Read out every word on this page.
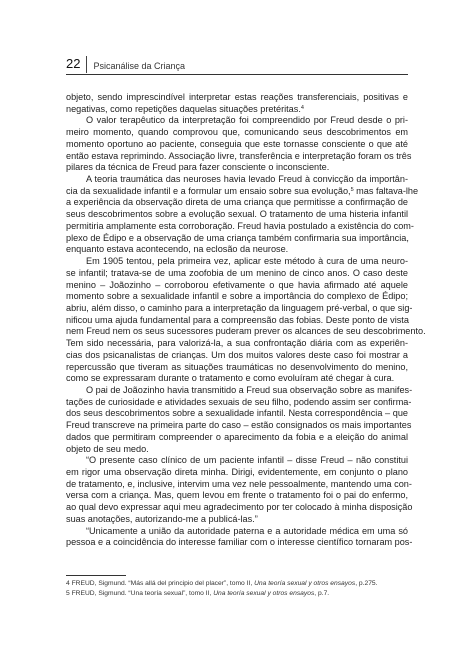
22	Psicanálise da Criança
objeto, sendo imprescindível interpretar estas reações transferenciais, positivas e
negativas, como repetições daquelas situações pretéritas.$^4$
O valor terapêutico da interpretação foi compreendido por Freud desde o pri-
meiro momento, quando comprovou que, comunicando seus descobrimentos em
momento oportuno ao paciente, conseguia que este tornasse consciente o que até
então estava reprimindo. Associação livre, transferência e interpretação foram os três
pilares da técnica de Freud para fazer consciente o inconsciente.
A teoria traumática das neuroses havia levado Freud à convicção da importân-
cia da sexualidade infantil e a formular um ensaio sobre sua evolução,$^5$ mas faltava-lhe
a experiência da observação direta de uma criança que permitisse a confirmação de
seus descobrimentos sobre a evolução sexual. O tratamento de uma histeria infantil
permitiria amplamente esta corroboração. Freud havia postulado a existência do com-
plexo de Édipo e a observação de uma criança também confirmaria sua importância,
enquanto estava acontecendo, na eclosão da neurose.
Em 1905 tentou, pela primeira vez, aplicar este método à cura de uma neuro-
se infantil; tratava-se de uma zoofobia de um menino de cinco anos. O caso deste
menino – Joãozinho – corroborou efetivamente o que havia afirmado até aquele
momento sobre a sexualidade infantil e sobre a importância do complexo de Édipo;
abriu, além disso, o caminho para a interpretação da linguagem pré-verbal, o que sig-
nificou uma ajuda fundamental para a compreensão das fobias. Deste ponto de vista
nem Freud nem os seus sucessores puderam prever os alcances de seu descobrimento.
Tem sido necessária, para valorizá-la, a sua confrontação diária com as experiên-
cias dos psicanalistas de crianças. Um dos muitos valores deste caso foi mostrar a
repercussão que tiveram as situações traumáticas no desenvolvimento do menino,
como se expressaram durante o tratamento e como evoluíram até chegar à cura.
O pai de Joãozinho havia transmitido a Freud sua observação sobre as manifes-
tações de curiosidade e atividades sexuais de seu filho, podendo assim ser confirma-
dos seus descobrimentos sobre a sexualidade infantil. Nesta correspondência – que
Freud transcreve na primeira parte do caso – estão consignados os mais importantes
dados que permitiram compreender o aparecimento da fobia e a eleição do animal
objeto de seu medo.
“O presente caso clínico de um paciente infantil – disse Freud – não constitui
em rigor uma observação direta minha. Dirigi, evidentemente, em conjunto o plano
de tratamento, e, inclusive, intervim uma vez nele pessoalmente, mantendo uma con-
versa com a criança. Mas, quem levou em frente o tratamento foi o pai do enfermo,
ao qual devo expressar aqui meu agradecimento por ter colocado à minha disposição
suas anotações, autorizando-me a publicá-las.”
“Unicamente a união da autoridade paterna e a autoridade médica em uma só
pessoa e a coincidência do interesse familiar com o interesse científico tornaram pos-
4 FREUD, Sigmund. “Más allá del principio del placer”, tomo II, Una teoría sexual y otros ensayos, p.275.
5 FREUD, Sigmund. “Una teoría sexual”, tomo II, Una teoría sexual y otros ensayos, p.7.
